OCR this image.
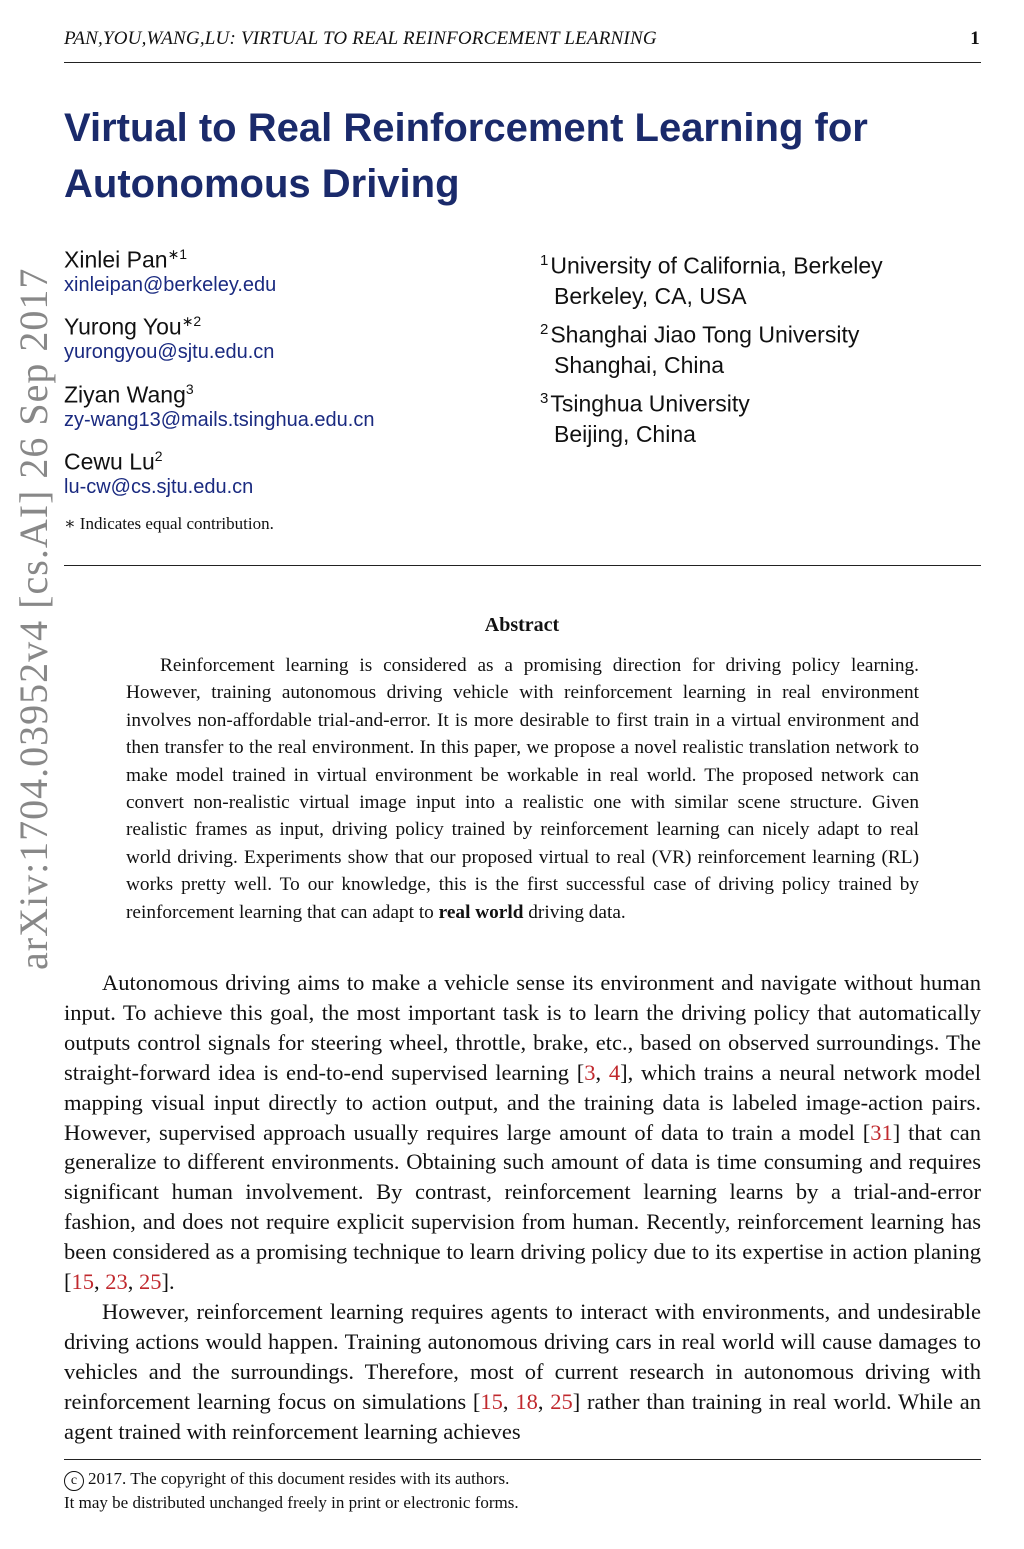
PAN,YOU,WANG,LU: VIRTUAL TO REAL REINFORCEMENT LEARNING	1
arXiv:1704.03952v4 [cs.AI] 26 Sep 2017
Virtual to Real Reinforcement Learning for
Autonomous Driving
Xinlei Pan$^{∗1}$
xinleipan@berkeley.edu
Yurong You$^{∗2}$
yurongyou@sjtu.edu.cn
Ziyan Wang$^3$
zy-wang13@mails.tsinghua.edu.cn
Cewu Lu$^2$
lu-cw@cs.sjtu.edu.cn
∗ Indicates equal contribution.
$^1$University of California, Berkeley
Berkeley, CA, USA
$^2$Shanghai Jiao Tong University
Shanghai, China
$^3$Tsinghua University
Beijing, China
Abstract
Reinforcement learning is considered as a promising direction for driving policy learning. However, training autonomous driving vehicle with reinforcement learning in real environment involves non-affordable trial-and-error. It is more desirable to first train in a virtual environment and then transfer to the real environment. In this paper, we propose a novel realistic translation network to make model trained in virtual environment be workable in real world. The proposed network can convert non-realistic virtual image input into a realistic one with similar scene structure. Given realistic frames as input, driving policy trained by reinforcement learning can nicely adapt to real world driving. Experiments show that our proposed virtual to real (VR) reinforcement learning (RL) works pretty well. To our knowledge, this is the first successful case of driving policy trained by reinforcement learning that can adapt to real world driving data.
Autonomous driving aims to make a vehicle sense its environment and navigate without human input. To achieve this goal, the most important task is to learn the driving policy that automatically outputs control signals for steering wheel, throttle, brake, etc., based on observed surroundings. The straight-forward idea is end-to-end supervised learning [3, 4], which trains a neural network model mapping visual input directly to action output, and the training data is labeled image-action pairs. However, supervised approach usually requires large amount of data to train a model [31] that can generalize to different environments. Obtaining such amount of data is time consuming and requires significant human involvement. By contrast, reinforcement learning learns by a trial-and-error fashion, and does not require explicit supervision from human. Recently, reinforcement learning has been considered as a promising technique to learn driving policy due to its expertise in action planing [15, 23, 25].
However, reinforcement learning requires agents to interact with environments, and undesirable driving actions would happen. Training autonomous driving cars in real world will cause damages to vehicles and the surroundings. Therefore, most of current research in autonomous driving with reinforcement learning focus on simulations [15, 18, 25] rather than training in real world. While an agent trained with reinforcement learning achieves
c 2017. The copyright of this document resides with its authors.
It may be distributed unchanged freely in print or electronic forms.
